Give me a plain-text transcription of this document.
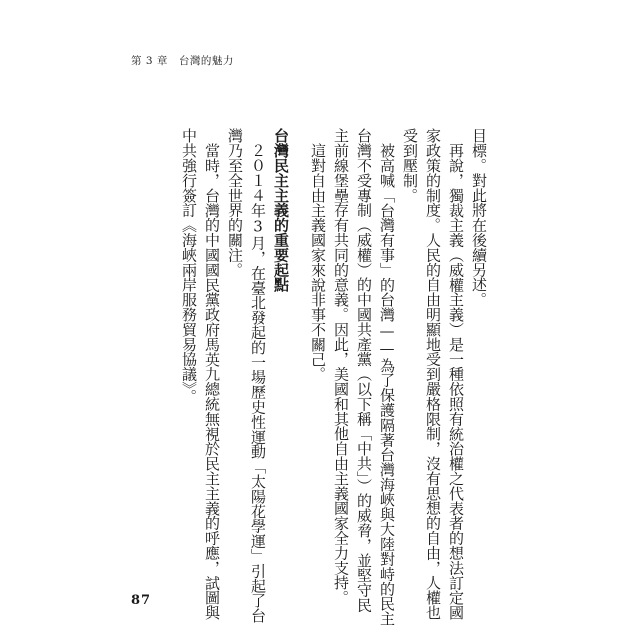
第 3 章　台灣的魅力
目標。對此將在後續另述。
再說，獨裁主義（威權主義）是一種依照有統治權之代表者的想法訂定國
家政策的制度。人民的自由明顯地受到嚴格限制，沒有思想的自由，人權也
受到壓制。
被高喊「台灣有事」的台灣——為了保護隔著台灣海峽與大陸對峙的民主
台灣不受專制（威權）的中國共產黨（以下稱「中共」）的威脅，並堅守民
主前線堡壘存有共同的意義。因此，美國和其他自由主義國家全力支持。
這對自由主義國家來說非事不關己。
台灣民主主義的重要起點
２０１４年3月，在臺北發起的一場歷史性運動「太陽花學運」引起了台
灣乃至全世界的關注。
當時，台灣的中國國民黨政府馬英九總統無視於民主主義的呼應，試圖與
中共強行簽訂《海峽兩岸服務貿易協議》。
87
